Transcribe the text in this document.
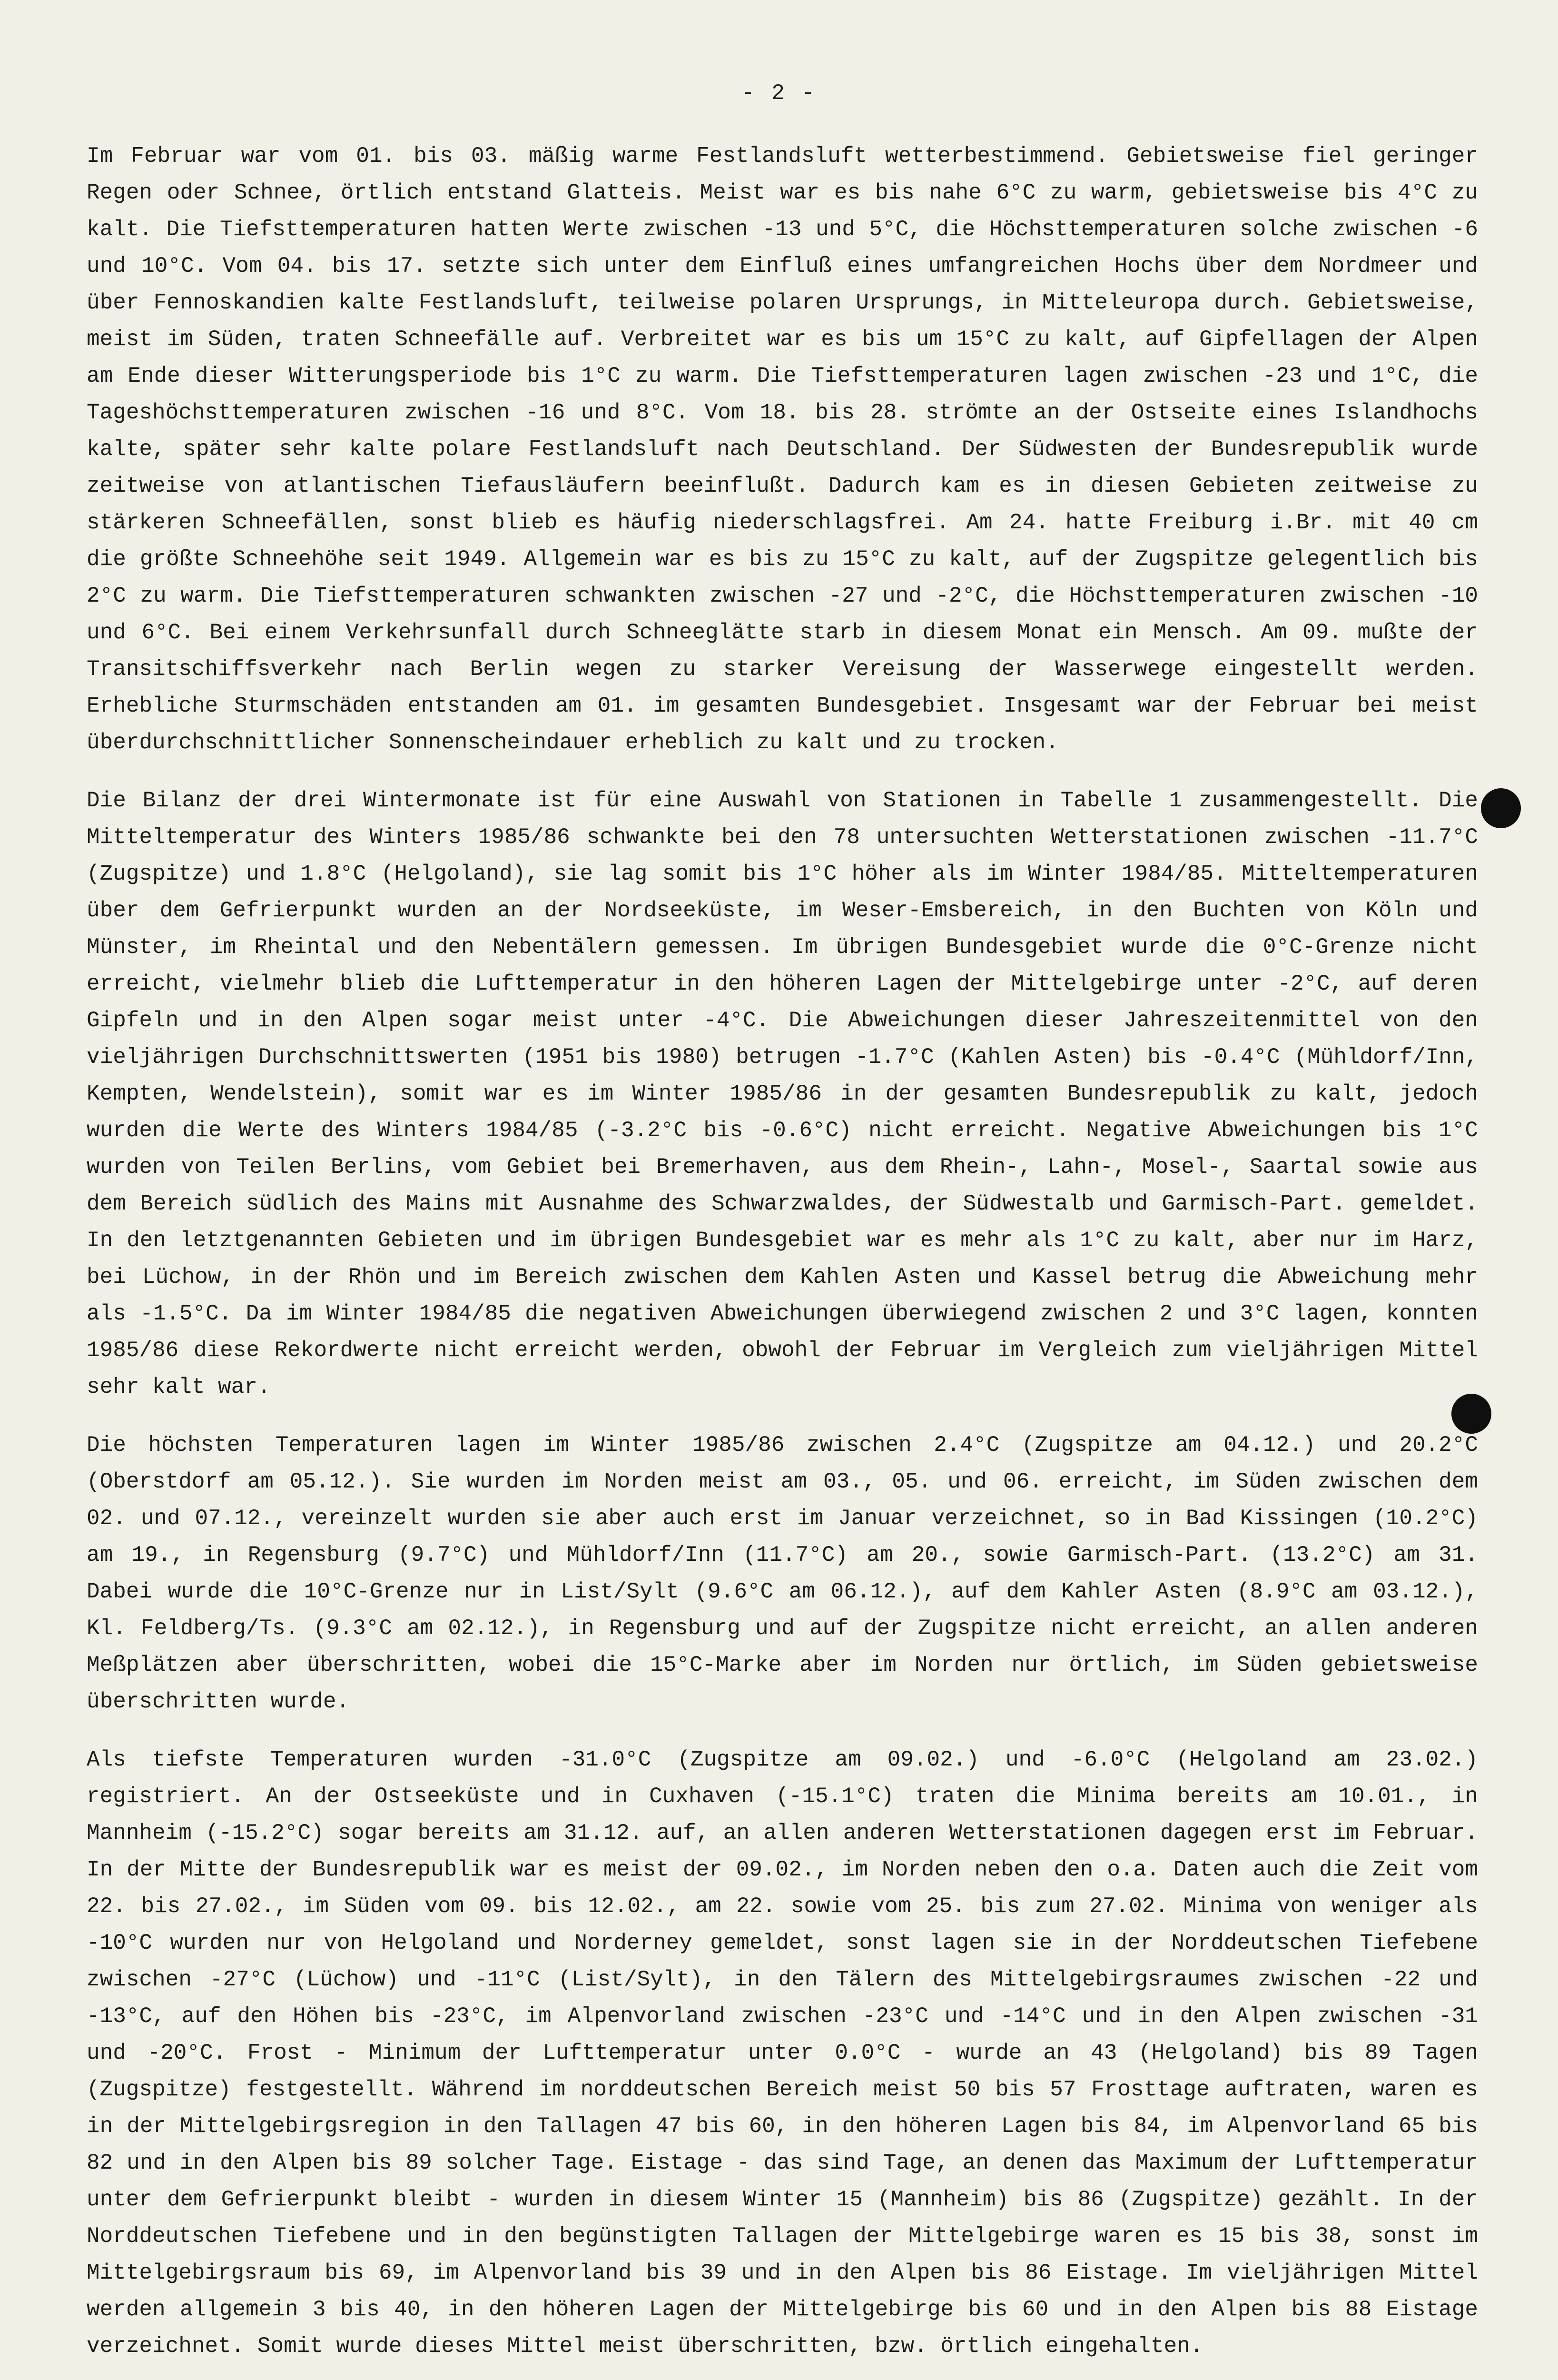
- 2 -

Im Februar war vom 01. bis 03. mäßig warme Festlandsluft wetterbestimmend. Gebietsweise fiel geringer Regen oder Schnee, örtlich entstand Glatteis. Meist war es bis nahe 6°C zu warm, gebietsweise bis 4°C zu kalt. Die Tiefsttemperaturen hatten Werte zwischen -13 und 5°C, die Höchsttemperaturen solche zwischen -6 und 10°C. Vom 04. bis 17. setzte sich unter dem Einfluß eines umfangreichen Hochs über dem Nordmeer und über Fennoskandien kalte Festlandsluft, teilweise polaren Ursprungs, in Mitteleuropa durch. Gebietsweise, meist im Süden, traten Schneefälle auf. Verbreitet war es bis um 15°C zu kalt, auf Gipfellagen der Alpen am Ende dieser Witterungsperiode bis 1°C zu warm. Die Tiefsttemperaturen lagen zwischen -23 und 1°C, die Tageshöchsttemperaturen zwischen -16 und 8°C. Vom 18. bis 28. strömte an der Ostseite eines Islandhochs kalte, später sehr kalte polare Festlandsluft nach Deutschland. Der Südwesten der Bundesrepublik wurde zeitweise von atlantischen Tiefausläufern beeinflußt. Dadurch kam es in diesen Gebieten zeitweise zu stärkeren Schneefällen, sonst blieb es häufig niederschlagsfrei. Am 24. hatte Freiburg i.Br. mit 40 cm die größte Schneehöhe seit 1949. Allgemein war es bis zu 15°C zu kalt, auf der Zugspitze gelegentlich bis 2°C zu warm. Die Tiefsttemperaturen schwankten zwischen -27 und -2°C, die Höchsttemperaturen zwischen -10 und 6°C. Bei einem Verkehrsunfall durch Schneeglätte starb in diesem Monat ein Mensch. Am 09. mußte der Transitschiffsverkehr nach Berlin wegen zu starker Vereisung der Wasserwege eingestellt werden. Erhebliche Sturmschäden entstanden am 01. im gesamten Bundesgebiet. Insgesamt war der Februar bei meist überdurchschnittlicher Sonnenscheindauer erheblich zu kalt und zu trocken.

Die Bilanz der drei Wintermonate ist für eine Auswahl von Stationen in Tabelle 1 zusammengestellt. Die Mitteltemperatur des Winters 1985/86 schwankte bei den 78 untersuchten Wetterstationen zwischen -11.7°C (Zugspitze) und 1.8°C (Helgoland), sie lag somit bis 1°C höher als im Winter 1984/85. Mitteltemperaturen über dem Gefrierpunkt wurden an der Nordseeküste, im Weser-Emsbereich, in den Buchten von Köln und Münster, im Rheintal und den Nebentälern gemessen. Im übrigen Bundesgebiet wurde die 0°C-Grenze nicht erreicht, vielmehr blieb die Lufttemperatur in den höheren Lagen der Mittelgebirge unter -2°C, auf deren Gipfeln und in den Alpen sogar meist unter -4°C. Die Abweichungen dieser Jahreszeitenmittel von den vieljährigen Durchschnittswerten (1951 bis 1980) betrugen -1.7°C (Kahlen Asten) bis -0.4°C (Mühldorf/Inn, Kempten, Wendelstein), somit war es im Winter 1985/86 in der gesamten Bundesrepublik zu kalt, jedoch wurden die Werte des Winters 1984/85 (-3.2°C bis -0.6°C) nicht erreicht. Negative Abweichungen bis 1°C wurden von Teilen Berlins, vom Gebiet bei Bremerhaven, aus dem Rhein-, Lahn-, Mosel-, Saartal sowie aus dem Bereich südlich des Mains mit Ausnahme des Schwarzwaldes, der Südwestalb und Garmisch-Part. gemeldet. In den letztgenannten Gebieten und im übrigen Bundesgebiet war es mehr als 1°C zu kalt, aber nur im Harz, bei Lüchow, in der Rhön und im Bereich zwischen dem Kahlen Asten und Kassel betrug die Abweichung mehr als -1.5°C. Da im Winter 1984/85 die negativen Abweichungen überwiegend zwischen 2 und 3°C lagen, konnten 1985/86 diese Rekordwerte nicht erreicht werden, obwohl der Februar im Vergleich zum vieljährigen Mittel sehr kalt war.

Die höchsten Temperaturen lagen im Winter 1985/86 zwischen 2.4°C (Zugspitze am 04.12.) und 20.2°C (Oberstdorf am 05.12.). Sie wurden im Norden meist am 03., 05. und 06. erreicht, im Süden zwischen dem 02. und 07.12., vereinzelt wurden sie aber auch erst im Januar verzeichnet, so in Bad Kissingen (10.2°C) am 19., in Regensburg (9.7°C) und Mühldorf/Inn (11.7°C) am 20., sowie Garmisch-Part. (13.2°C) am 31. Dabei wurde die 10°C-Grenze nur in List/Sylt (9.6°C am 06.12.), auf dem Kahler Asten (8.9°C am 03.12.), Kl. Feldberg/Ts. (9.3°C am 02.12.), in Regensburg und auf der Zugspitze nicht erreicht, an allen anderen Meßplätzen aber überschritten, wobei die 15°C-Marke aber im Norden nur örtlich, im Süden gebietsweise überschritten wurde.

Als tiefste Temperaturen wurden -31.0°C (Zugspitze am 09.02.) und -6.0°C (Helgoland am 23.02.) registriert. An der Ostseeküste und in Cuxhaven (-15.1°C) traten die Minima bereits am 10.01., in Mannheim (-15.2°C) sogar bereits am 31.12. auf, an allen anderen Wetterstationen dagegen erst im Februar. In der Mitte der Bundesrepublik war es meist der 09.02., im Norden neben den o.a. Daten auch die Zeit vom 22. bis 27.02., im Süden vom 09. bis 12.02., am 22. sowie vom 25. bis zum 27.02. Minima von weniger als -10°C wurden nur von Helgoland und Norderney gemeldet, sonst lagen sie in der Norddeutschen Tiefebene zwischen -27°C (Lüchow) und -11°C (List/Sylt), in den Tälern des Mittelgebirgsraumes zwischen -22 und -13°C, auf den Höhen bis -23°C, im Alpenvorland zwischen -23°C und -14°C und in den Alpen zwischen -31 und -20°C. Frost - Minimum der Lufttemperatur unter 0.0°C - wurde an 43 (Helgoland) bis 89 Tagen (Zugspitze) festgestellt. Während im norddeutschen Bereich meist 50 bis 57 Frosttage auftraten, waren es in der Mittelgebirgsregion in den Tallagen 47 bis 60, in den höheren Lagen bis 84, im Alpenvorland 65 bis 82 und in den Alpen bis 89 solcher Tage. Eistage - das sind Tage, an denen das Maximum der Lufttemperatur unter dem Gefrierpunkt bleibt - wurden in diesem Winter 15 (Mannheim) bis 86 (Zugspitze) gezählt. In der Norddeutschen Tiefebene und in den begünstigten Tallagen der Mittelgebirge waren es 15 bis 38, sonst im Mittelgebirgsraum bis 69, im Alpenvorland bis 39 und in den Alpen bis 86 Eistage. Im vieljährigen Mittel werden allgemein 3 bis 40, in den höheren Lagen der Mittelgebirge bis 60 und in den Alpen bis 88 Eistage verzeichnet. Somit wurde dieses Mittel meist überschritten, bzw. örtlich eingehalten.
